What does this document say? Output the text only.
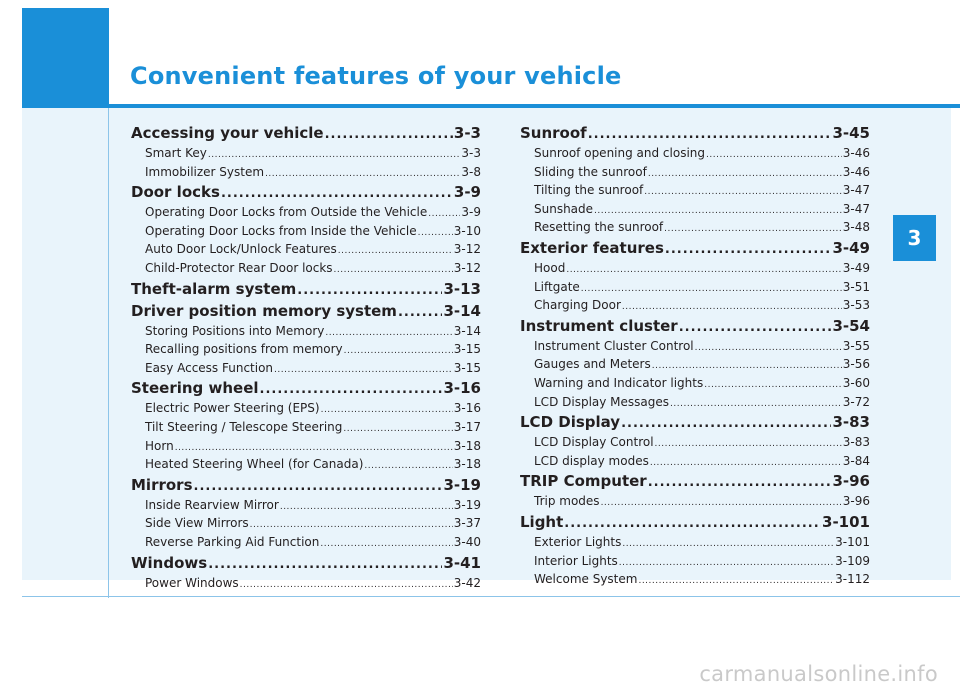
Convenient features of your vehicle
3
Accessing your vehicle .....	3-3
Smart Key .....	3-3
Immobilizer System .....	3-8
Door locks .....	3-9
Operating Door Locks from Outside the Vehicle .....	3-9
Operating Door Locks from Inside the Vehicle .....	3-10
Auto Door Lock/Unlock Features .....	3-12
Child-Protector Rear Door locks .....	3-12
Theft-alarm system .....	3-13
Driver position memory system .....	3-14
Storing Positions into Memory .....	3-14
Recalling positions from memory .....	3-15
Easy Access Function .....	3-15
Steering wheel .....	3-16
Electric Power Steering (EPS) .....	3-16
Tilt Steering / Telescope Steering .....	3-17
Horn .....	3-18
Heated Steering Wheel (for Canada) .....	3-18
Mirrors .....	3-19
Inside Rearview Mirror .....	3-19
Side View Mirrors .....	3-37
Reverse Parking Aid Function .....	3-40
Windows .....	3-41
Power Windows .....	3-42
Sunroof .....	3-45
Sunroof opening and closing .....	3-46
Sliding the sunroof .....	3-46
Tilting the sunroof .....	3-47
Sunshade .....	3-47
Resetting the sunroof .....	3-48
Exterior features .....	3-49
Hood .....	3-49
Liftgate .....	3-51
Charging Door .....	3-53
Instrument cluster .....	3-54
Instrument Cluster Control .....	3-55
Gauges and Meters .....	3-56
Warning and Indicator lights .....	3-60
LCD Display Messages .....	3-72
LCD Display .....	3-83
LCD Display Control .....	3-83
LCD display modes .....	3-84
TRIP Computer .....	3-96
Trip modes .....	3-96
Light .....	3-101
Exterior Lights .....	3-101
Interior Lights .....	3-109
Welcome System .....	3-112
carmanualsonline.info
